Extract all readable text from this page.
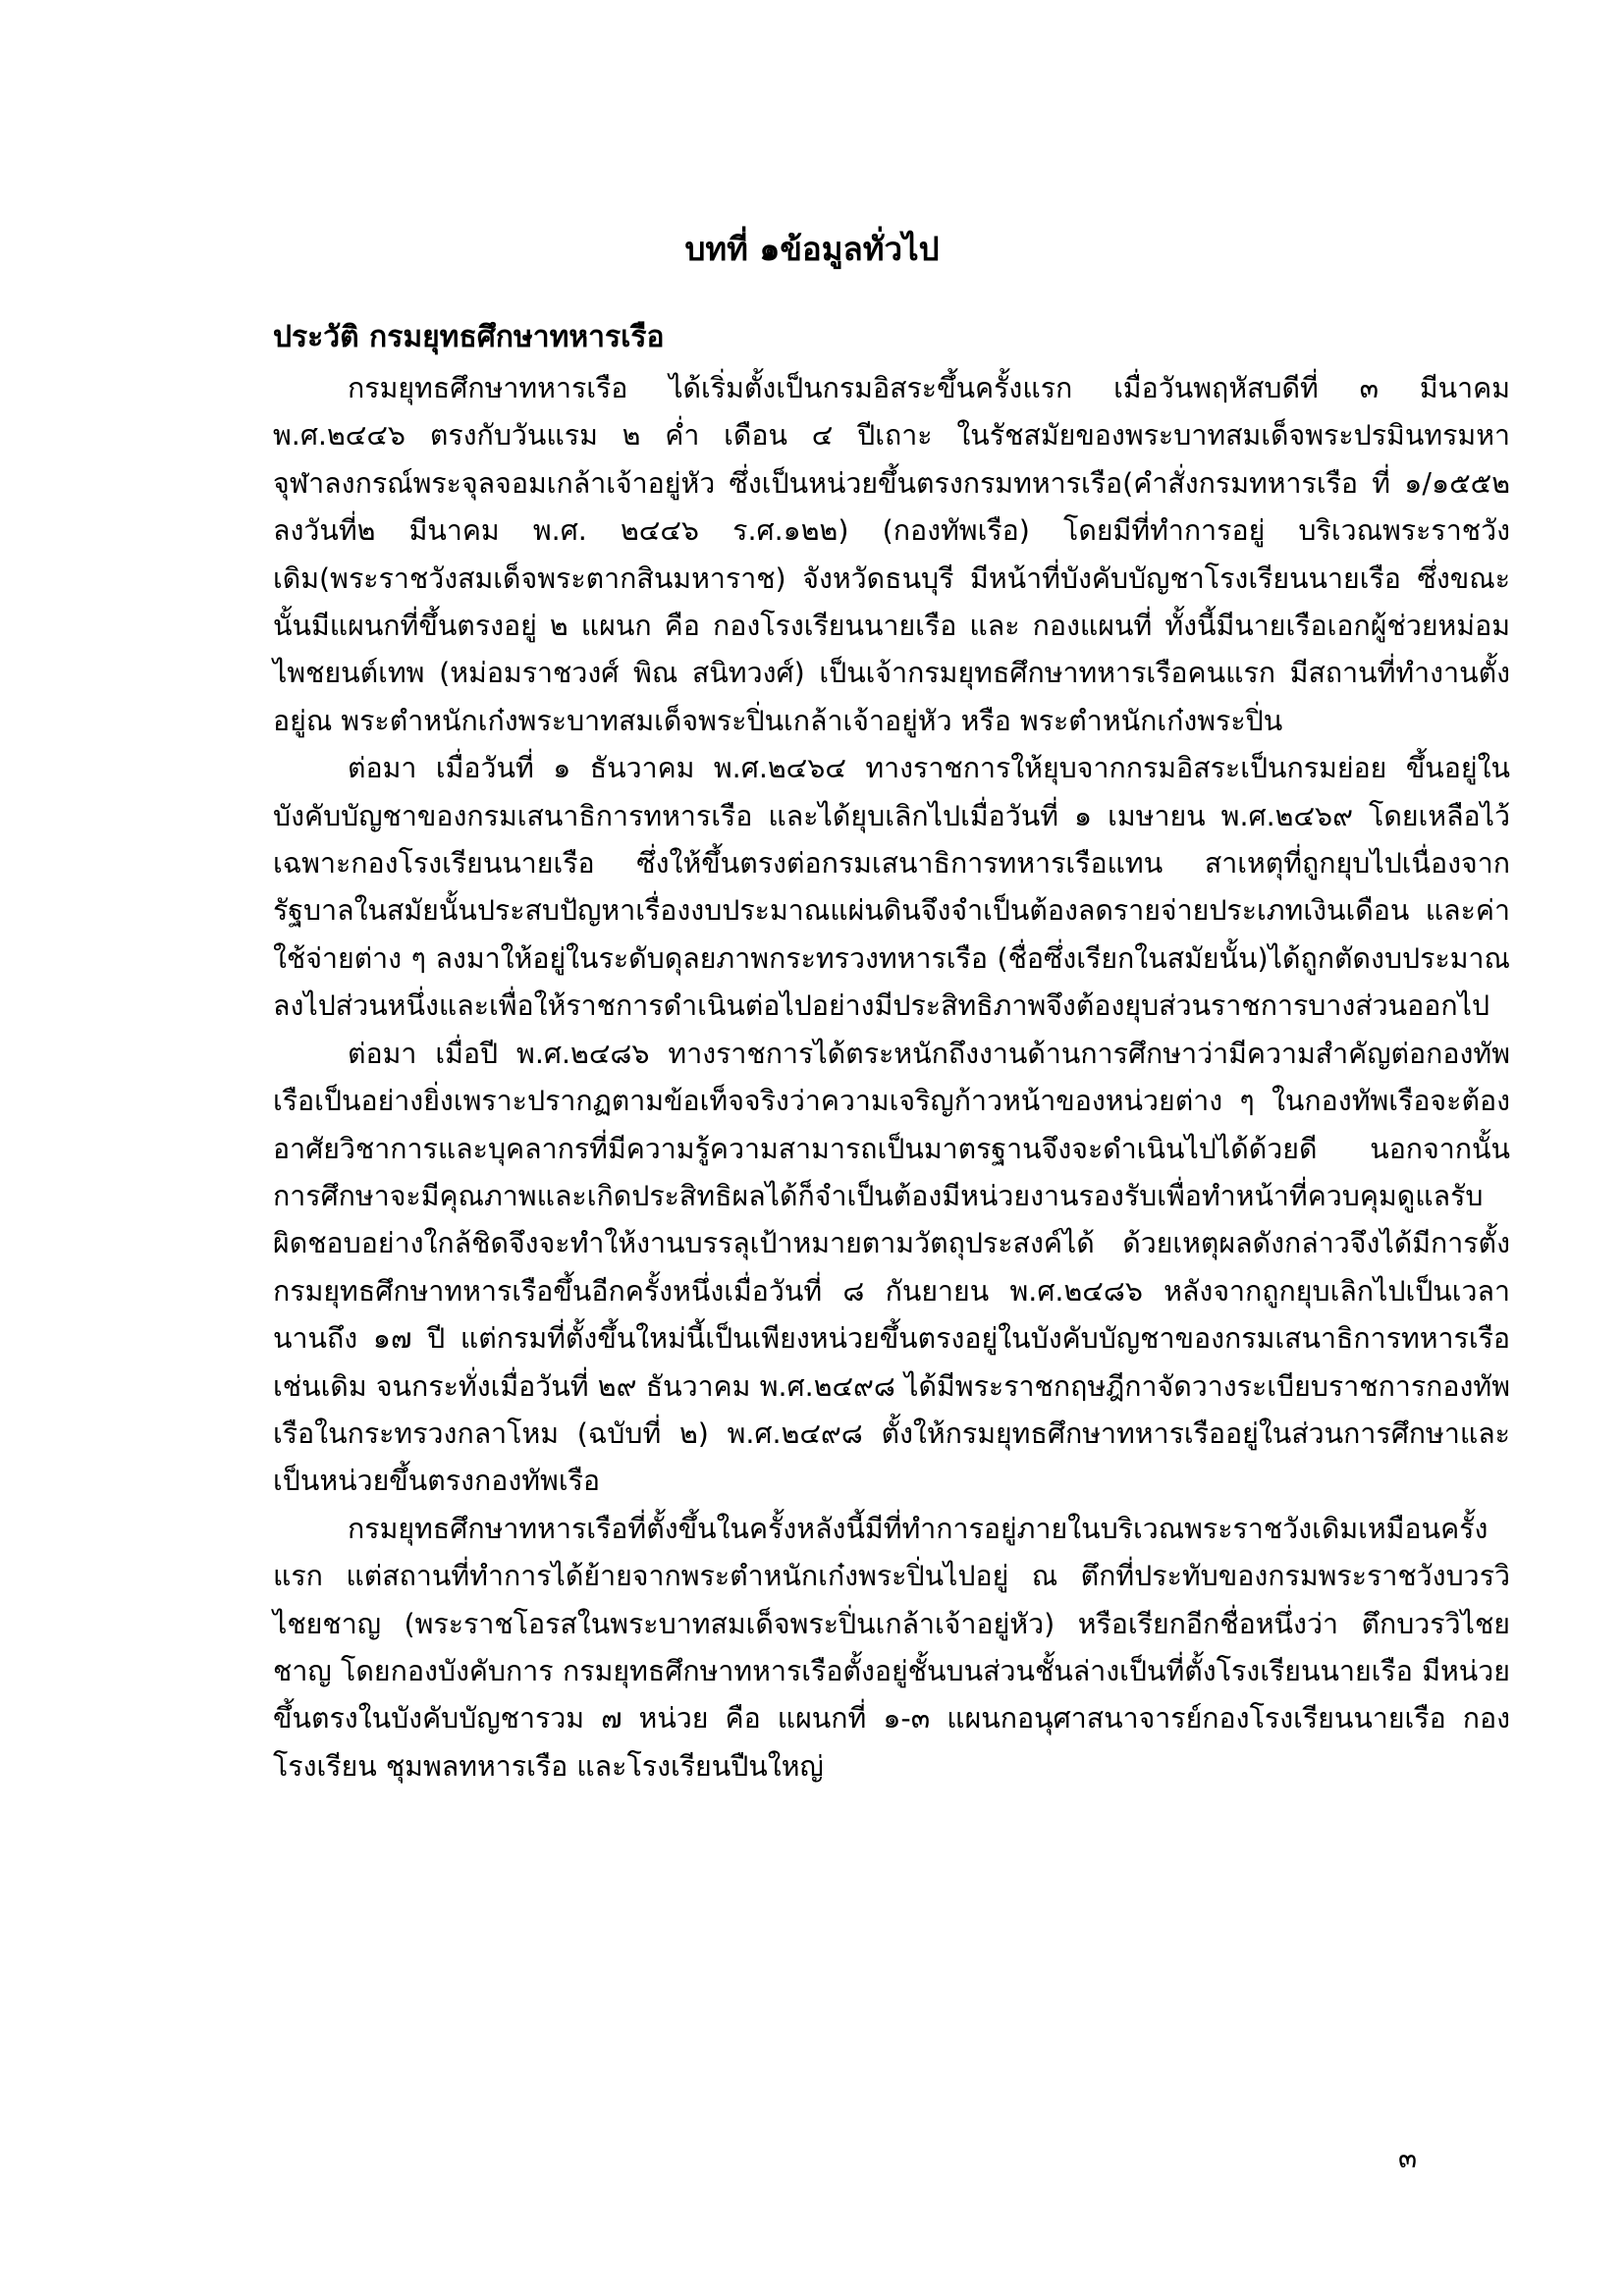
บทที่ ๑ข้อมูลทั่วไป
ประวัติ กรมยุทธศึกษาทหารเรือ

กรมยุทธศึกษาทหารเรือ ได้เริ่มตั้งเป็นกรมอิสระขึ้นครั้งแรก เมื่อวันพฤหัสบดีที่ ๓ มีนาคม พ.ศ.๒๔๔๖ ตรงกับวันแรม ๒ ค่ำ เดือน ๔ ปีเถาะ ในรัชสมัยของพระบาทสมเด็จพระปรมินทรมหาจุฬาลงกรณ์พระจุลจอมเกล้าเจ้าอยู่หัว ซึ่งเป็นหน่วยขึ้นตรงกรมทหารเรือ(คำสั่งกรมทหารเรือ ที่ ๑/๑๕๕๒ ลงวันที่๒ มีนาคม พ.ศ. ๒๔๔๖ ร.ศ.๑๒๒) (กองทัพเรือ) โดยมีที่ทำการอยู่ บริเวณพระราชวังเดิม(พระราชวังสมเด็จพระตากสินมหาราช) จังหวัดธนบุรี มีหน้าที่บังคับบัญชาโรงเรียนนายเรือ ซึ่งขณะนั้นมีแผนกที่ขึ้นตรงอยู่ ๒ แผนก คือ กองโรงเรียนนายเรือ และ กองแผนที่ ทั้งนี้มีนายเรือเอกผู้ช่วยหม่อมไพชยนต์เทพ (หม่อมราชวงศ์ พิณ สนิทวงศ์) เป็นเจ้ากรมยุทธศึกษาทหารเรือคนแรก มีสถานที่ทำงานตั้งอยู่ณ พระตำหนักเก๋งพระบาทสมเด็จพระปิ่นเกล้าเจ้าอยู่หัว หรือ พระตำหนักเก๋งพระปิ่น

ต่อมา เมื่อวันที่ ๑ ธันวาคม พ.ศ.๒๔๖๔ ทางราชการให้ยุบจากกรมอิสระเป็นกรมย่อย ขึ้นอยู่ในบังคับบัญชาของกรมเสนาธิการทหารเรือ และได้ยุบเลิกไปเมื่อวันที่ ๑ เมษายน พ.ศ.๒๔๖๙ โดยเหลือไว้เฉพาะกองโรงเรียนนายเรือ ซึ่งให้ขึ้นตรงต่อกรมเสนาธิการทหารเรือแทน สาเหตุที่ถูกยุบไปเนื่องจากรัฐบาลในสมัยนั้นประสบปัญหาเรื่องงบประมาณแผ่นดินจึงจำเป็นต้องลดรายจ่ายประเภทเงินเดือน และค่าใช้จ่ายต่าง ๆ ลงมาให้อยู่ในระดับดุลยภาพกระทรวงทหารเรือ (ชื่อซึ่งเรียกในสมัยนั้น)ได้ถูกตัดงบประมาณลงไปส่วนหนึ่งและเพื่อให้ราชการดำเนินต่อไปอย่างมีประสิทธิภาพจึงต้องยุบส่วนราชการบางส่วนออกไป

ต่อมา เมื่อปี พ.ศ.๒๔๘๖ ทางราชการได้ตระหนักถึงงานด้านการศึกษาว่ามีความสำคัญต่อกองทัพเรือเป็นอย่างยิ่งเพราะปรากฏตามข้อเท็จจริงว่าความเจริญก้าวหน้าของหน่วยต่าง ๆ ในกองทัพเรือจะต้องอาศัยวิชาการและบุคลากรที่มีความรู้ความสามารถเป็นมาตรฐานจึงจะดำเนินไปได้ด้วยดี นอกจากนั้น การศึกษาจะมีคุณภาพและเกิดประสิทธิผลได้ก็จำเป็นต้องมีหน่วยงานรองรับเพื่อทำหน้าที่ควบคุมดูแลรับผิดชอบอย่างใกล้ชิดจึงจะทำให้งานบรรลุเป้าหมายตามวัตถุประสงค์ได้ ด้วยเหตุผลดังกล่าวจึงได้มีการตั้งกรมยุทธศึกษาทหารเรือขึ้นอีกครั้งหนึ่งเมื่อวันที่ ๘ กันยายน พ.ศ.๒๔๘๖ หลังจากถูกยุบเลิกไปเป็นเวลานานถึง ๑๗ ปี แต่กรมที่ตั้งขึ้นใหม่นี้เป็นเพียงหน่วยขึ้นตรงอยู่ในบังคับบัญชาของกรมเสนาธิการทหารเรือเช่นเดิม จนกระทั่งเมื่อวันที่ ๒๙ ธันวาคม พ.ศ.๒๔๙๘ ได้มีพระราชกฤษฎีกาจัดวางระเบียบราชการกองทัพเรือในกระทรวงกลาโหม (ฉบับที่ ๒) พ.ศ.๒๔๙๘ ตั้งให้กรมยุทธศึกษาทหารเรืออยู่ในส่วนการศึกษาและเป็นหน่วยขึ้นตรงกองทัพเรือ

กรมยุทธศึกษาทหารเรือที่ตั้งขึ้นในครั้งหลังนี้มีที่ทำการอยู่ภายในบริเวณพระราชวังเดิมเหมือนครั้งแรก แต่สถานที่ทำการได้ย้ายจากพระตำหนักเก๋งพระปิ่นไปอยู่ ณ ตึกที่ประทับของกรมพระราชวังบวรวิไชยชาญ (พระราชโอรสในพระบาทสมเด็จพระปิ่นเกล้าเจ้าอยู่หัว) หรือเรียกอีกชื่อหนึ่งว่า ตึกบวรวิไชยชาญ โดยกองบังคับการ กรมยุทธศึกษาทหารเรือตั้งอยู่ชั้นบนส่วนชั้นล่างเป็นที่ตั้งโรงเรียนนายเรือ มีหน่วย ขึ้นตรงในบังคับบัญชารวม ๗ หน่วย คือ แผนกที่ ๑-๓ แผนกอนุศาสนาจารย์กองโรงเรียนนายเรือ กองโรงเรียน ชุมพลทหารเรือ และโรงเรียนปืนใหญ่

๓
